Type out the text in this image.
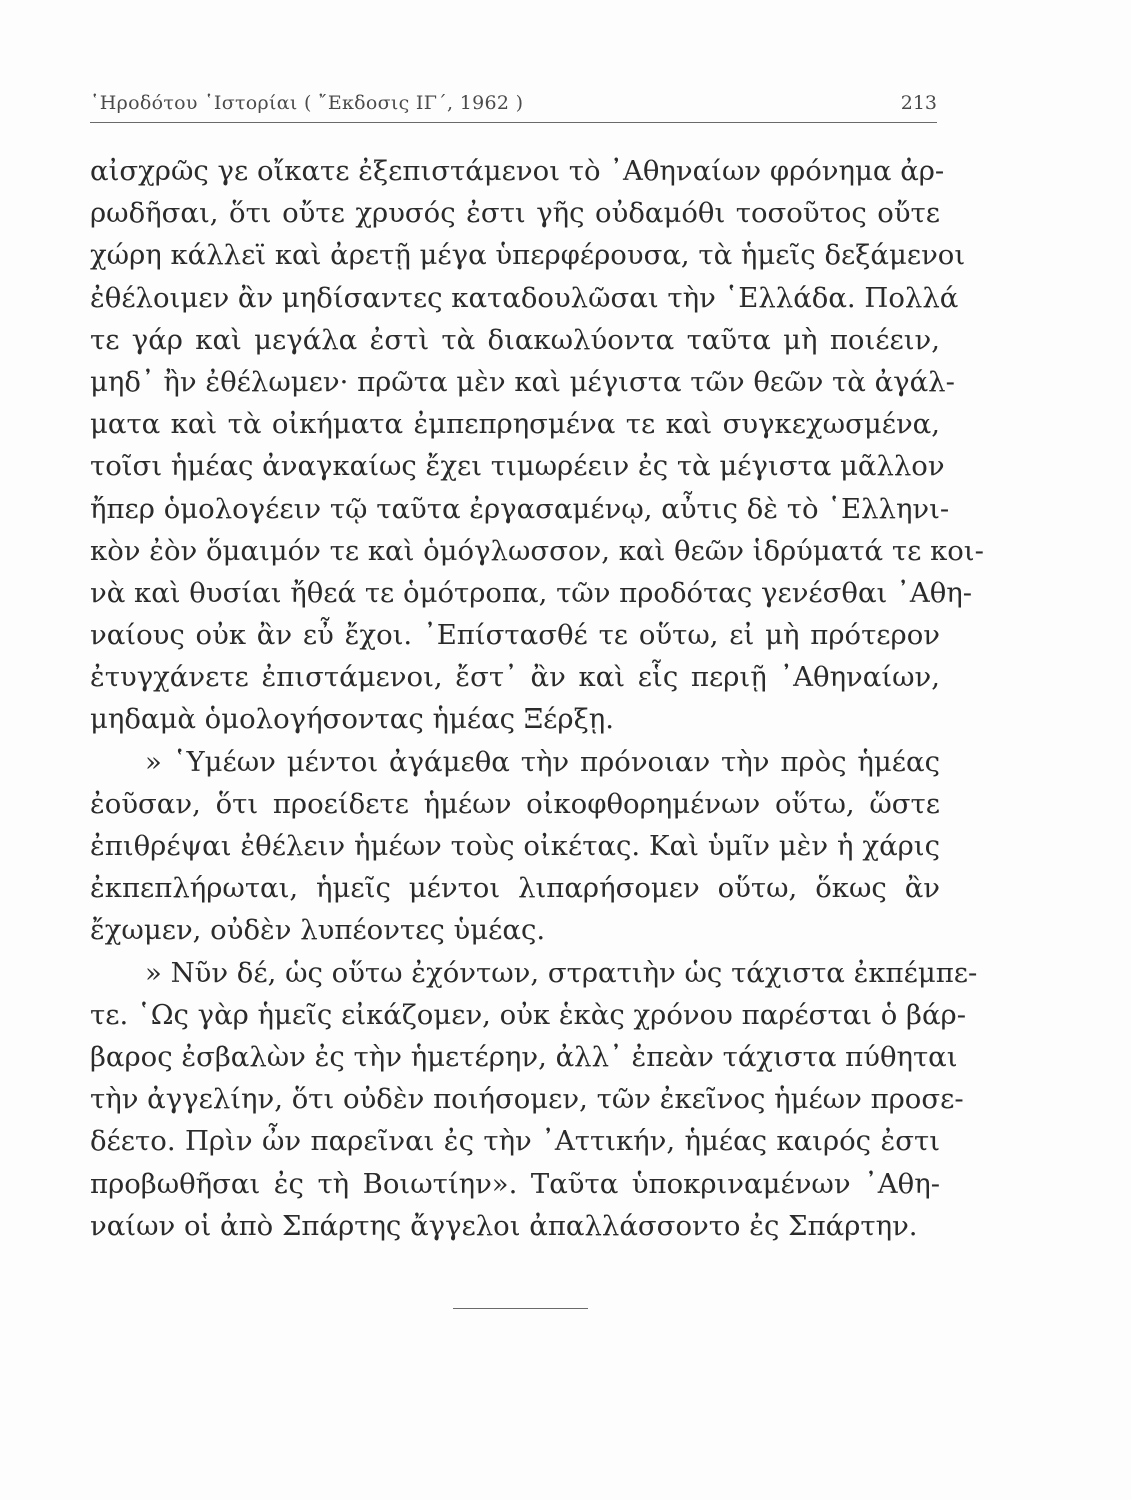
῾Ηροδότου ῾Ιστορίαι ( ῎Εκδοσις ΙΓ΄, 1962 )	213
αἰσχρῶς γε οἴκατε ἐξεπιστάμενοι τὸ ᾿Αθηναίων φρόνημα ἀρ-
ρωδῆσαι, ὅτι οὔτε χρυσός ἐστι γῆς οὐδαμόθι τοσοῦτος οὔτε
χώρη κάλλεϊ καὶ ἀρετῇ μέγα ὑπερφέρουσα, τὰ ἡμεῖς δεξάμενοι
ἐθέλοιμεν ἂν μηδίσαντες καταδουλῶσαι τὴν ῾Ελλάδα. Πολλά
τε γάρ καὶ μεγάλα ἐστὶ τὰ διακωλύοντα ταῦτα μὴ ποιέειν,
μηδ᾿ ἢν ἐθέλωμεν· πρῶτα μὲν καὶ μέγιστα τῶν θεῶν τὰ ἀγάλ-
ματα καὶ τὰ οἰκήματα ἐμπεπρησμένα τε καὶ συγκεχωσμένα,
τοῖσι ἡμέας ἀναγκαίως ἔχει τιμωρέειν ἐς τὰ μέγιστα μᾶλλον
ἤπερ ὁμολογέειν τῷ ταῦτα ἐργασαμένῳ, αὖτις δὲ τὸ ῾Ελληνι-
κὸν ἐὸν ὅμαιμόν τε καὶ ὁμόγλωσσον, καὶ θεῶν ἱδρύματά τε κοι-
νὰ καὶ θυσίαι ἤθεά τε ὁμότροπα, τῶν προδότας γενέσθαι ᾿Αθη-
ναίους οὐκ ἂν εὖ ἔχοι. ᾿Επίστασθέ τε οὕτω, εἰ μὴ πρότερον
ἐτυγχάνετε ἐπιστάμενοι, ἔστ᾿ ἂν καὶ εἷς περιῇ ᾿Αθηναίων,
μηδαμὰ ὁμολογήσοντας ἡμέας Ξέρξῃ.
» ῾Υμέων μέντοι ἀγάμεθα τὴν πρόνοιαν τὴν πρὸς ἡμέας
ἐοῦσαν, ὅτι προείδετε ἡμέων οἰκοφθορημένων οὕτω, ὥστε
ἐπιθρέψαι ἐθέλειν ἡμέων τοὺς οἰκέτας. Καὶ ὑμῖν μὲν ἡ χάρις
ἐκπεπλήρωται, ἡμεῖς μέντοι λιπαρήσομεν οὕτω, ὅκως ἂν
ἔχωμεν, οὐδὲν λυπέοντες ὑμέας.
» Νῦν δέ, ὡς οὕτω ἐχόντων, στρατιὴν ὡς τάχιστα ἐκπέμπε-
τε. ῾Ως γὰρ ἡμεῖς εἰκάζομεν, οὐκ ἑκὰς χρόνου παρέσται ὁ βάρ-
βαρος ἐσβαλὼν ἐς τὴν ἡμετέρην, ἀλλ᾿ ἐπεὰν τάχιστα πύθηται
τὴν ἀγγελίην, ὅτι οὐδὲν ποιήσομεν, τῶν ἐκεῖνος ἡμέων προσε-
δέετο. Πρὶν ὦν παρεῖναι ἐς τὴν ᾿Αττικήν, ἡμέας καιρός ἐστι
προβωθῆσαι ἐς τὴ Βοιωτίην». Ταῦτα ὑποκριναμένων ᾿Αθη-
ναίων οἱ ἀπὸ Σπάρτης ἄγγελοι ἀπαλλάσσοντο ἐς Σπάρτην.
